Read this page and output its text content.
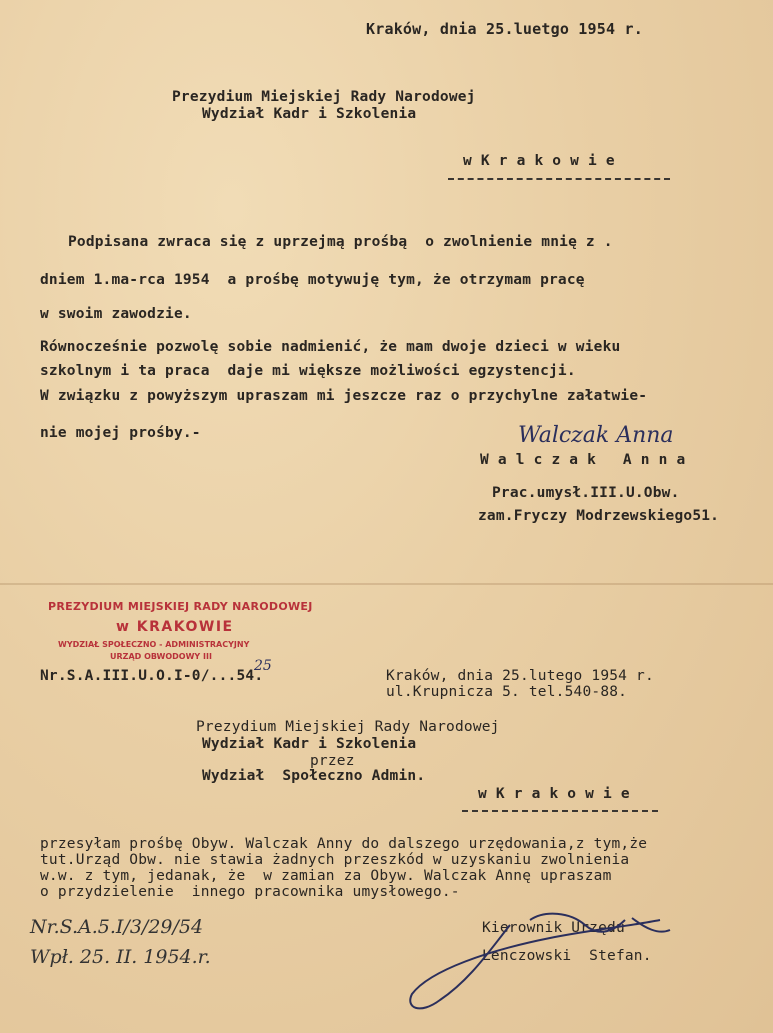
Kraków, dnia 25.luetgo 1954 r.
Prezydium Miejskiej Rady Narodowej
Wydział Kadr i Szkolenia
w K r a k o w i e
Podpisana zwraca się z uprzejmą prośbą  o zwolnienie mnię z .
dniem 1.ma-rca 1954  a prośbę motywuję tym, że otrzymam pracę
w swoim zawodzie.
Równocześnie pozwolę sobie nadmienić, że mam dwoje dzieci w wieku
szkolnym i ta praca  daje mi większe możliwości egzystencji.
W związku z powyższym upraszam mi jeszcze raz o przychylne załatwie-
nie mojej prośby.-	Walczak Anna
W a l c z a k   A n n a
Prac.umysł.III.U.Obw.
zam.Fryczy Modrzewskiego51.
PREZYDIUM MIEJSKIEJ RADY NARODOWEJ
w KRAKOWIE
WYDZIAŁ SPOŁECZNO - ADMINISTRACYJNY
URZĄD OBWODOWY III
Nr.S.A.III.U.O.I-0/...54.
25
Kraków, dnia 25.lutego 1954 r.
ul.Krupnicza 5. tel.540-88.
Prezydium Miejskiej Rady Narodowej
Wydział Kadr i Szkolenia
przez
Wydział  Społeczno Admin.
w K r a k o w i e
przesyłam prośbę Obyw. Walczak Anny do dalszego urzędowania,z tym,że
tut.Urząd Obw. nie stawia żadnych przeszkód w uzyskaniu zwolnienia
w.w. z tym, jedanak, że  w zamian za Obyw. Walczak Annę upraszam
o przydzielenie  innego pracownika umysłowego.-
Kierownik Urzędu
Lenczowski  Stefan.
Nr.S.A.5.I/3/29/54
Wpł. 25. II. 1954.r.
